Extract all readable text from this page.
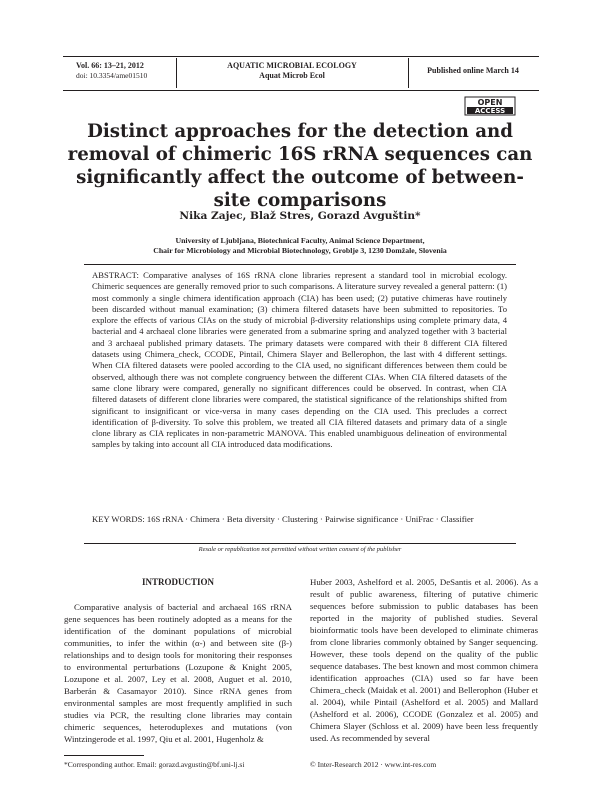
Vol. 66: 13–21, 2012
doi: 10.3354/ame01510
AQUATIC MICROBIAL ECOLOGY
Aquat Microb Ecol
Published online March 14
OPEN
ACCESS
Distinct approaches for the detection and removal of chimeric 16S rRNA sequences can significantly affect the outcome of between-site comparisons
Nika Zajec, Blaž Stres, Gorazd Avguštin*
University of Ljubljana, Biotechnical Faculty, Animal Science Department,
Chair for Microbiology and Microbial Biotechnology, Groblje 3, 1230 Domžale, Slovenia
ABSTRACT: Comparative analyses of 16S rRNA clone libraries represent a standard tool in microbial ecology. Chimeric sequences are generally removed prior to such comparisons. A literature survey revealed a general pattern: (1) most commonly a single chimera identification approach (CIA) has been used; (2) putative chimeras have routinely been discarded without manual examination; (3) chimera filtered datasets have been submitted to repositories. To explore the effects of various CIAs on the study of microbial β-diversity relationships using complete primary data, 4 bacterial and 4 archaeal clone libraries were generated from a submarine spring and analyzed together with 3 bacterial and 3 archaeal published primary datasets. The primary datasets were compared with their 8 different CIA filtered datasets using Chimera_check, CCODE, Pintail, Chimera Slayer and Bellerophon, the last with 4 different settings. When CIA filtered datasets were pooled according to the CIA used, no significant differences between them could be observed, although there was not complete congruency between the different CIAs. When CIA filtered datasets of the same clone library were compared, generally no significant differences could be observed. In contrast, when CIA filtered datasets of different clone libraries were compared, the statistical significance of the relationships shifted from significant to insignificant or vice-versa in many cases depending on the CIA used. This precludes a correct identification of β-diversity. To solve this problem, we treated all CIA filtered datasets and primary data of a single clone library as CIA replicates in non-parametric MANOVA. This enabled unambiguous delineation of environmental samples by taking into account all CIA introduced data modifications.
KEY WORDS: 16S rRNA · Chimera · Beta diversity · Clustering · Pairwise significance · UniFrac · Classifier
Resale or republication not permitted without written consent of the publisher
INTRODUCTION
Comparative analysis of bacterial and archaeal 16S rRNA gene sequences has been routinely adopted as a means for the identification of the dominant populations of microbial communities, to infer the within (α-) and between site (β-) relationships and to design tools for monitoring their responses to environmental perturbations (Lozupone & Knight 2005, Lozupone et al. 2007, Ley et al. 2008, Auguet et al. 2010, Barberán & Casamayor 2010). Since rRNA genes from environmental samples are most frequently amplified in such studies via PCR, the resulting clone libraries may contain chimeric sequences, heteroduplexes and mutations (von Wintzingerode et al. 1997, Qiu et al. 2001, Hugenholz &
Huber 2003, Ashelford et al. 2005, DeSantis et al. 2006). As a result of public awareness, filtering of putative chimeric sequences before submission to public databases has been reported in the majority of published studies. Several bioinformatic tools have been developed to eliminate chimeras from clone libraries commonly obtained by Sanger sequencing. However, these tools depend on the quality of the public sequence databases. The best known and most common chimera identification approaches (CIA) used so far have been Chimera_check (Maidak et al. 2001) and Bellerophon (Huber et al. 2004), while Pintail (Ashelford et al. 2005) and Mallard (Ashelford et al. 2006), CCODE (Gonzalez et al. 2005) and Chimera Slayer (Schloss et al. 2009) have been less frequently used. As recommended by several
*Corresponding author. Email: gorazd.avgustin@bf.uni-lj.si	© Inter-Research 2012 · www.int-res.com
